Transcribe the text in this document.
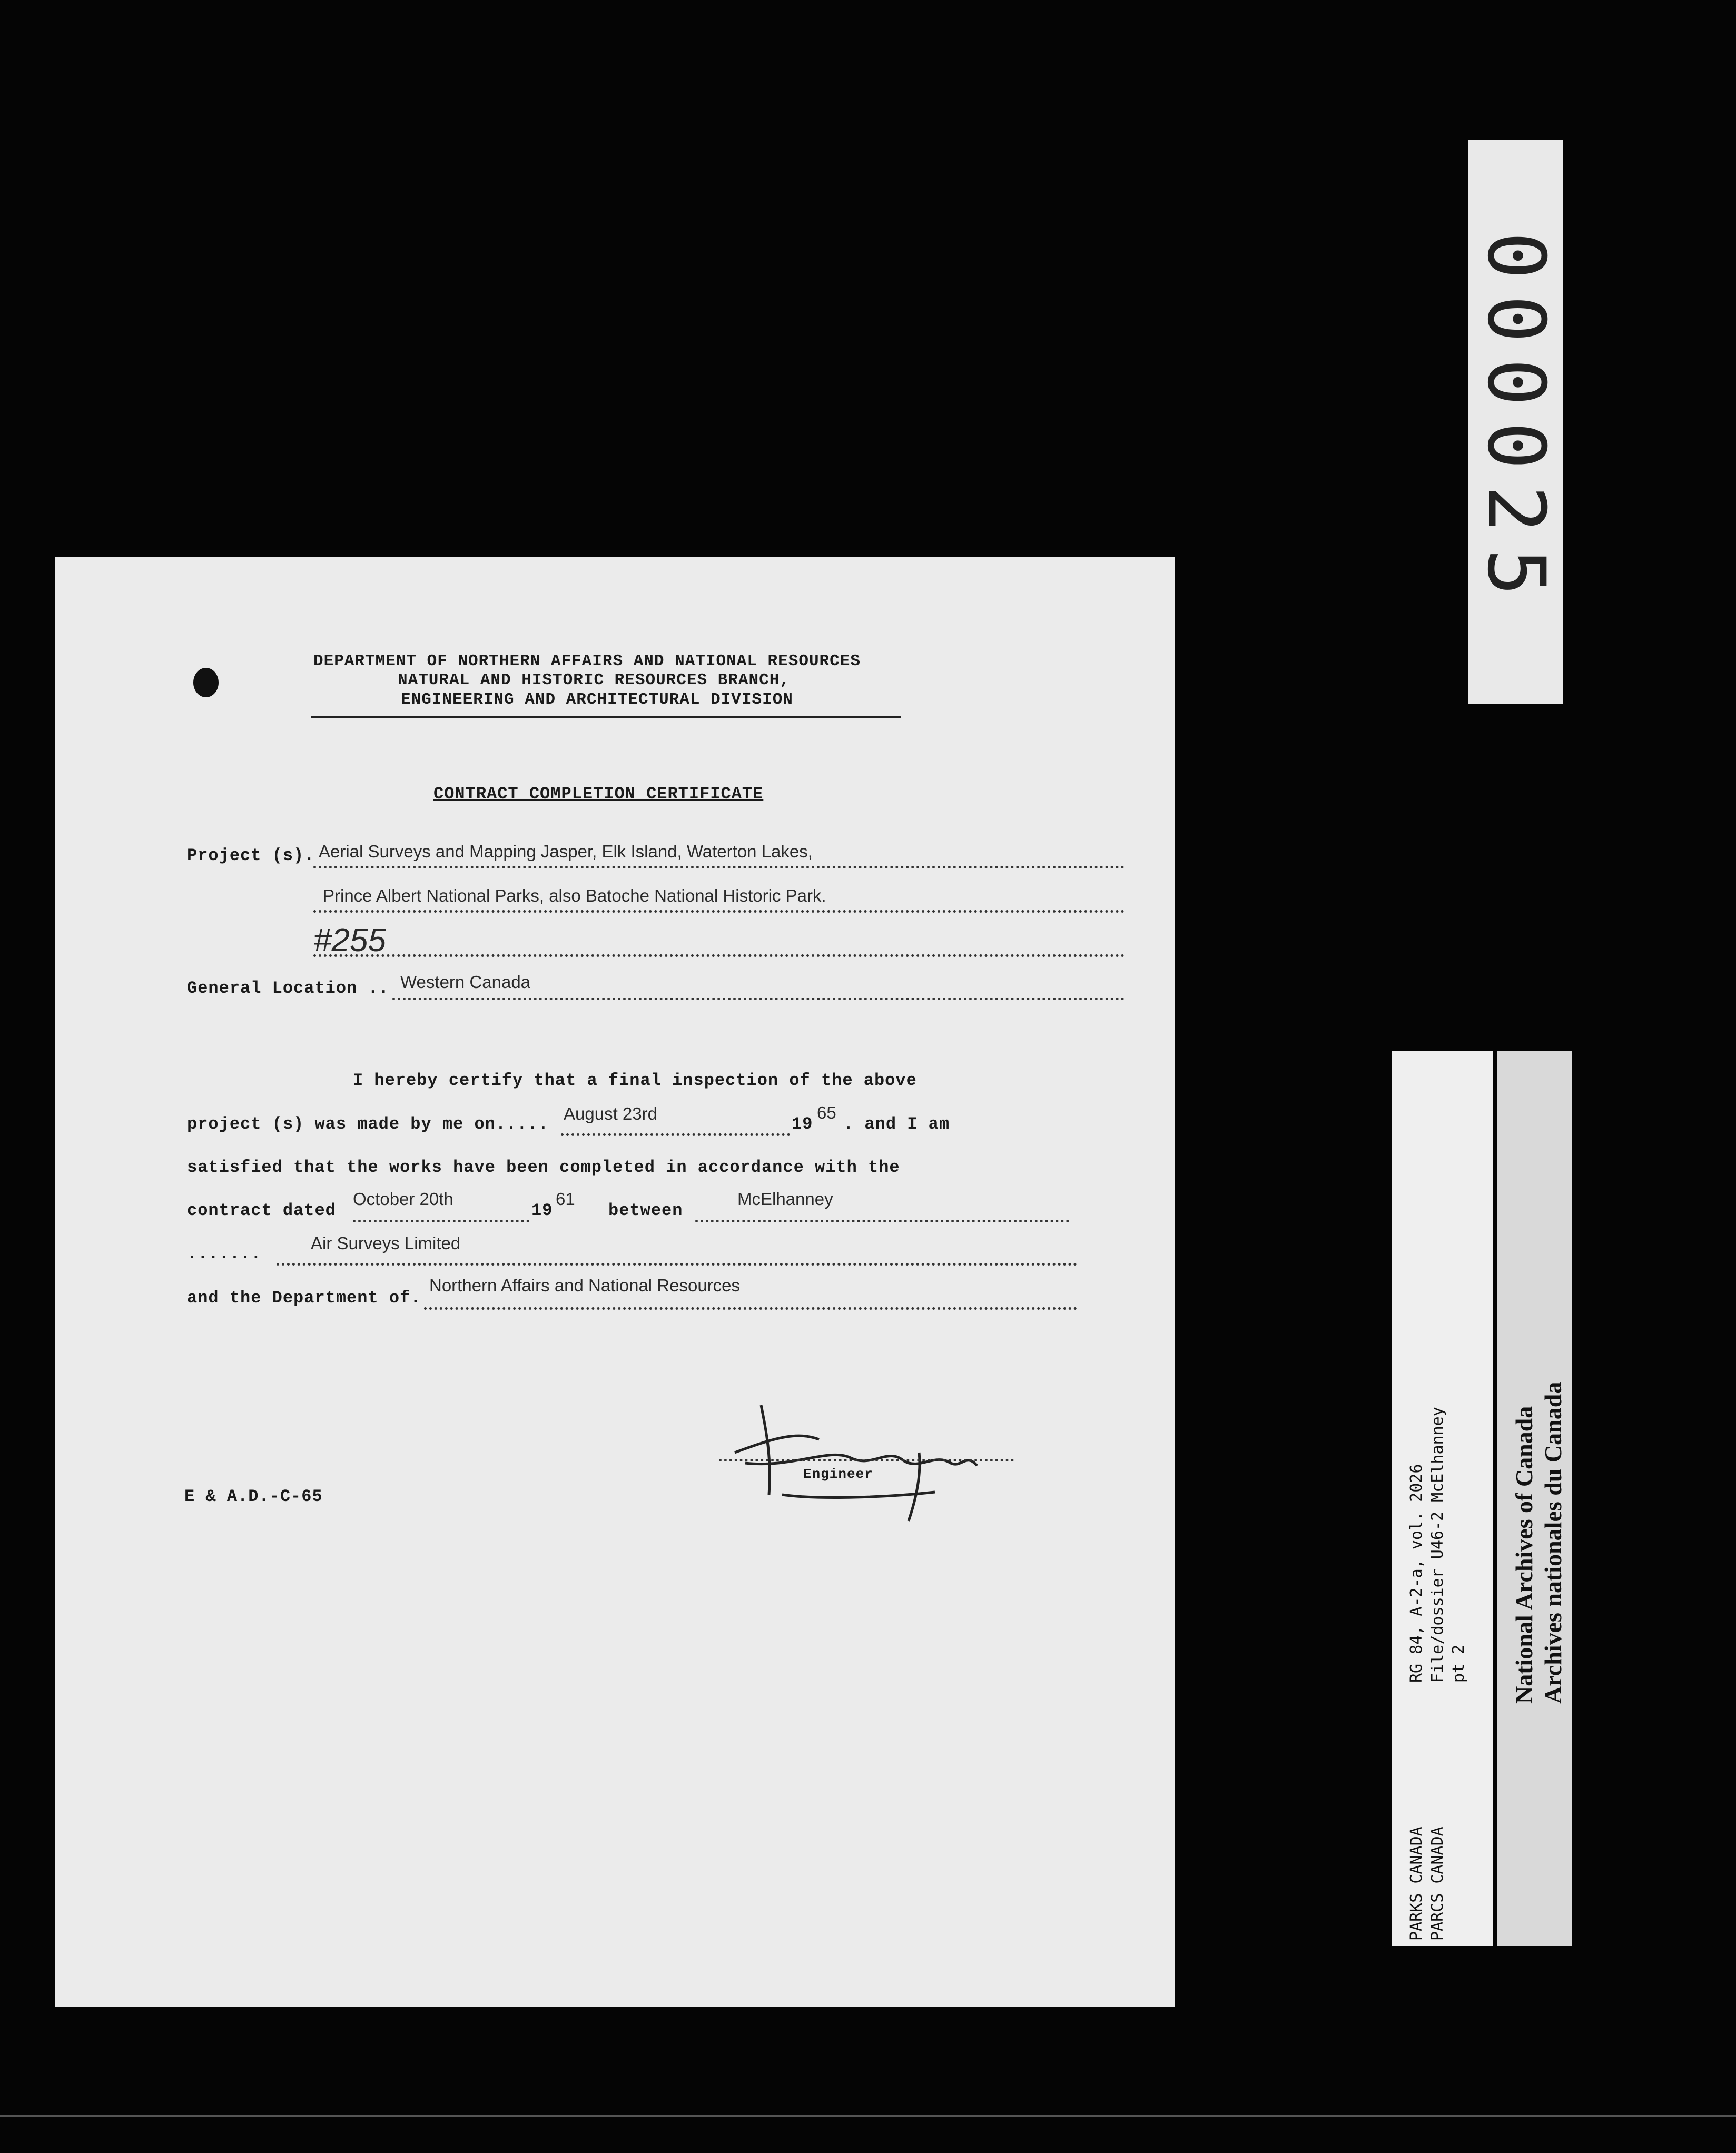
DEPARTMENT OF NORTHERN AFFAIRS AND NATIONAL RESOURCES
NATURAL AND HISTORIC RESOURCES BRANCH,
ENGINEERING AND ARCHITECTURAL DIVISION
CONTRACT COMPLETION CERTIFICATE
Project (s). Aerial Surveys and Mapping Jasper, Elk Island, Waterton Lakes,
Prince Albert National Parks, also Batoche National Historic Park.
#255
General Location .. Western Canada
I hereby certify that a final inspection of the above
project (s) was made by me on.....
August 23rd
19
65
. and I am
satisfied that the works have been completed in accordance with the
contract dated
October 20th
19
61
between
McElhanney
.......
Air Surveys Limited
and the Department of.
Northern Affairs and National Resources
Engineer
E & A.D.-C-65
000025
RG 84, A-2-a, vol. 2026 File/dossier U46-2 McElhanney pt 2
PARKS CANADA PARCS CANADA
National Archives of Canada Archives nationales du Canada
